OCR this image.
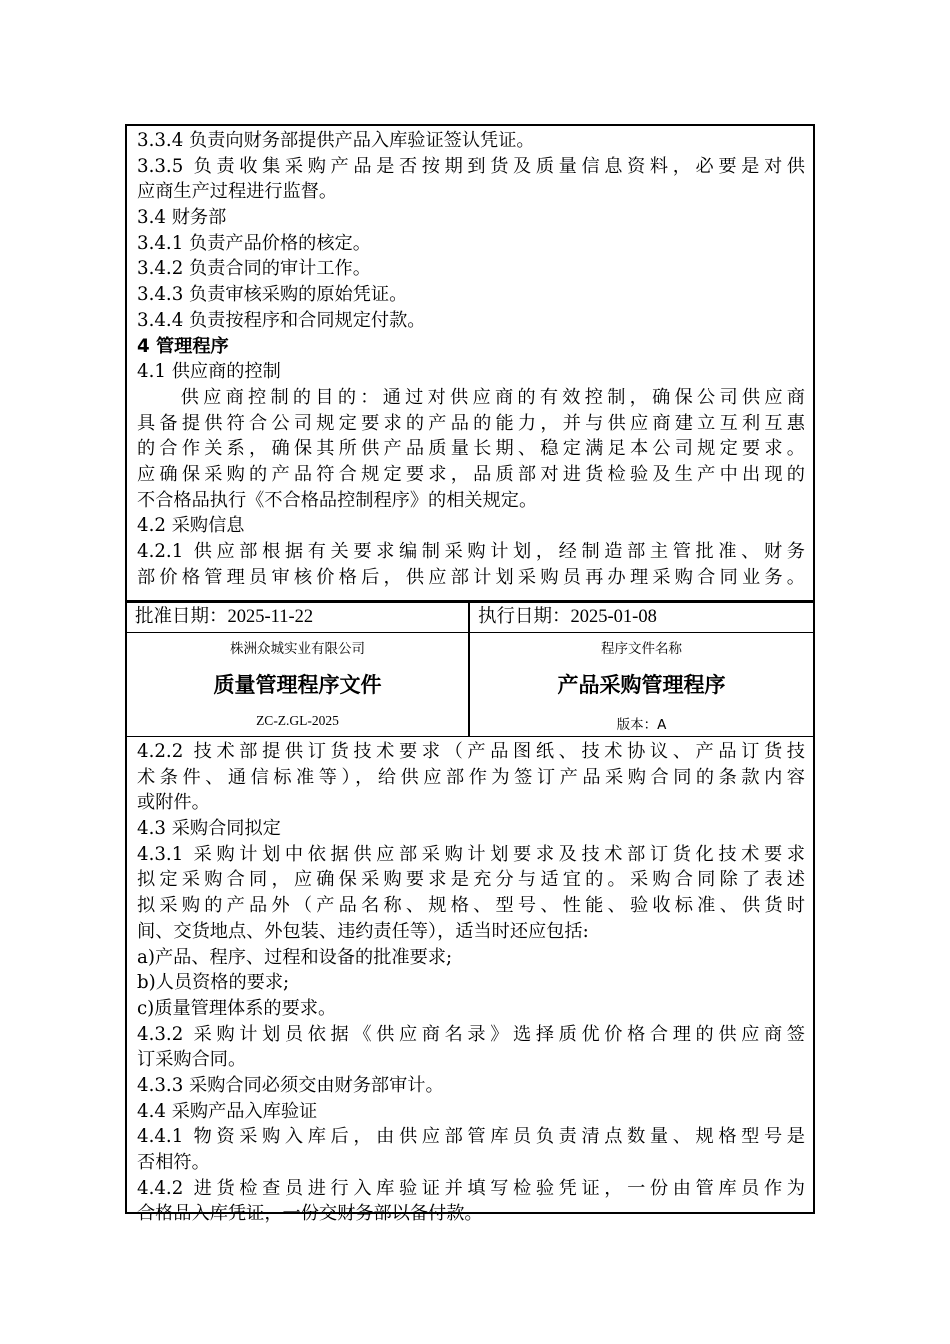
3.3.4 负责向财务部提供产品入库验证签认凭证。
3.3.5 负责收集采购产品是否按期到货及质量信息资料，必要是对供
应商生产过程进行监督。
3.4 财务部
3.4.1 负责产品价格的核定。
3.4.2 负责合同的审计工作。
3.4.3 负责审核采购的原始凭证。
3.4.4 负责按程序和合同规定付款。
4 管理程序
4.1 供应商的控制
供应商控制的目的：通过对供应商的有效控制，确保公司供应商
具备提供符合公司规定要求的产品的能力，并与供应商建立互利互惠
的合作关系，确保其所供产品质量长期、稳定满足本公司规定要求。
应确保采购的产品符合规定要求，品质部对进货检验及生产中出现的
不合格品执行《不合格品控制程序》的相关规定。
4.2 采购信息
4.2.1 供应部根据有关要求编制采购计划，经制造部主管批准、财务
部价格管理员审核价格后，供应部计划采购员再办理采购合同业务。
批准日期：2025-11-22	执行日期：2025-01-08
株洲众城实业有限公司
质量管理程序文件
ZC-Z.GL-2025
程序文件名称
产品采购管理程序
版本：A
4.2.2 技术部提供订货技术要求（产品图纸、技术协议、产品订货技
术条件、通信标准等），给供应部作为签订产品采购合同的条款内容
或附件。
4.3 采购合同拟定
4.3.1 采购计划中依据供应部采购计划要求及技术部订货化技术要求
拟定采购合同，应确保采购要求是充分与适宜的。采购合同除了表述
拟采购的产品外（产品名称、规格、型号、性能、验收标准、供货时
间、交货地点、外包装、违约责任等），适当时还应包括:
a)产品、程序、过程和设备的批准要求;
b)人员资格的要求;
c)质量管理体系的要求。
4.3.2 采购计划员依据《供应商名录》选择质优价格合理的供应商签
订采购合同。
4.3.3 采购合同必须交由财务部审计。
4.4 采购产品入库验证
4.4.1 物资采购入库后，由供应部管库员负责清点数量、规格型号是
否相符。
4.4.2 进货检查员进行入库验证并填写检验凭证，一份由管库员作为
合格品入库凭证，一份交财务部以备付款。
